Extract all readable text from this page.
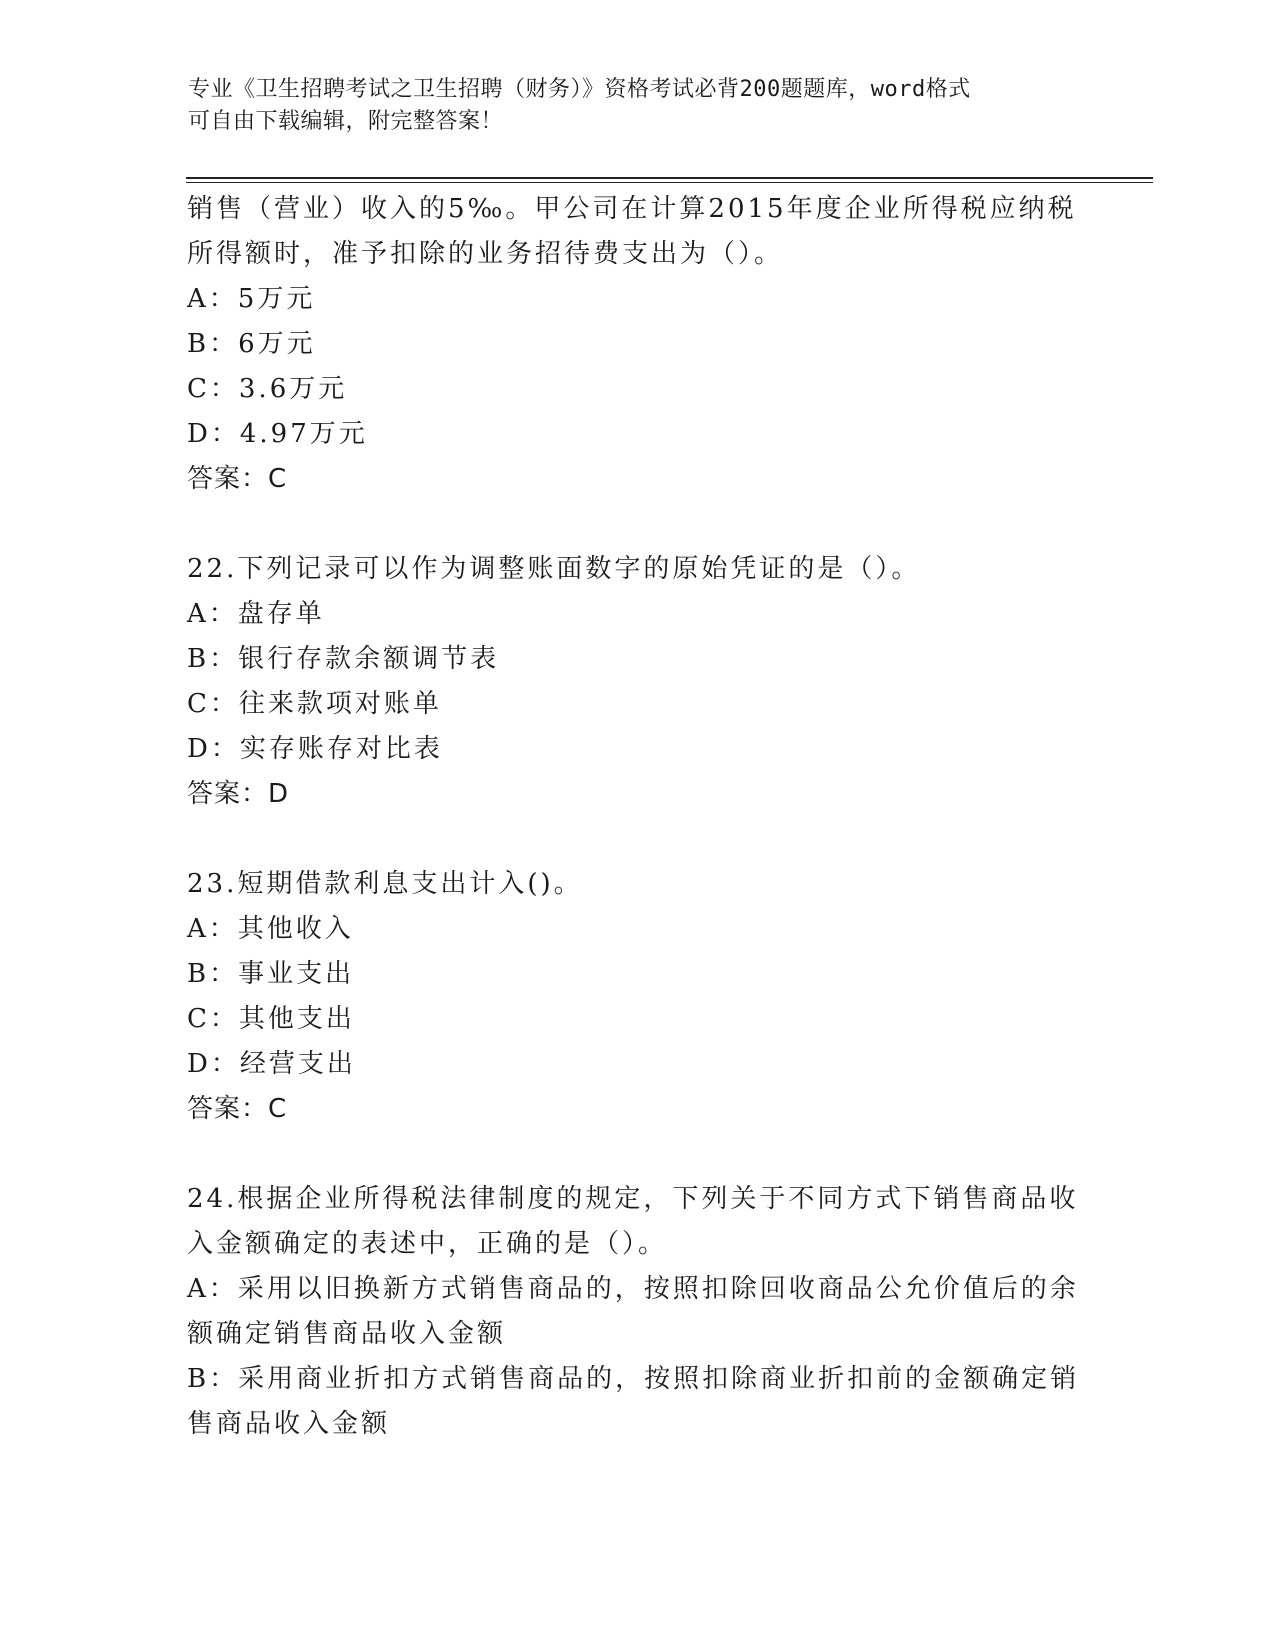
专业《卫生招聘考试之卫生招聘（财务）》资格考试必背200题题库，word格式
可自由下载编辑，附完整答案！
销售（营业）收入的5‰。甲公司在计算2015年度企业所得税应纳税
所得额时，准予扣除的业务招待费支出为（）。
A：5万元
B：6万元
C：3.6万元
D：4.97万元
答案：C
22.下列记录可以作为调整账面数字的原始凭证的是（）。
A：盘存单
B：银行存款余额调节表
C：往来款项对账单
D：实存账存对比表
答案：D
23.短期借款利息支出计入()。
A：其他收入
B：事业支出
C：其他支出
D：经营支出
答案：C
24.根据企业所得税法律制度的规定，下列关于不同方式下销售商品收
入金额确定的表述中，正确的是（）。
A：采用以旧换新方式销售商品的，按照扣除回收商品公允价值后的余
额确定销售商品收入金额
B：采用商业折扣方式销售商品的，按照扣除商业折扣前的金额确定销
售商品收入金额
